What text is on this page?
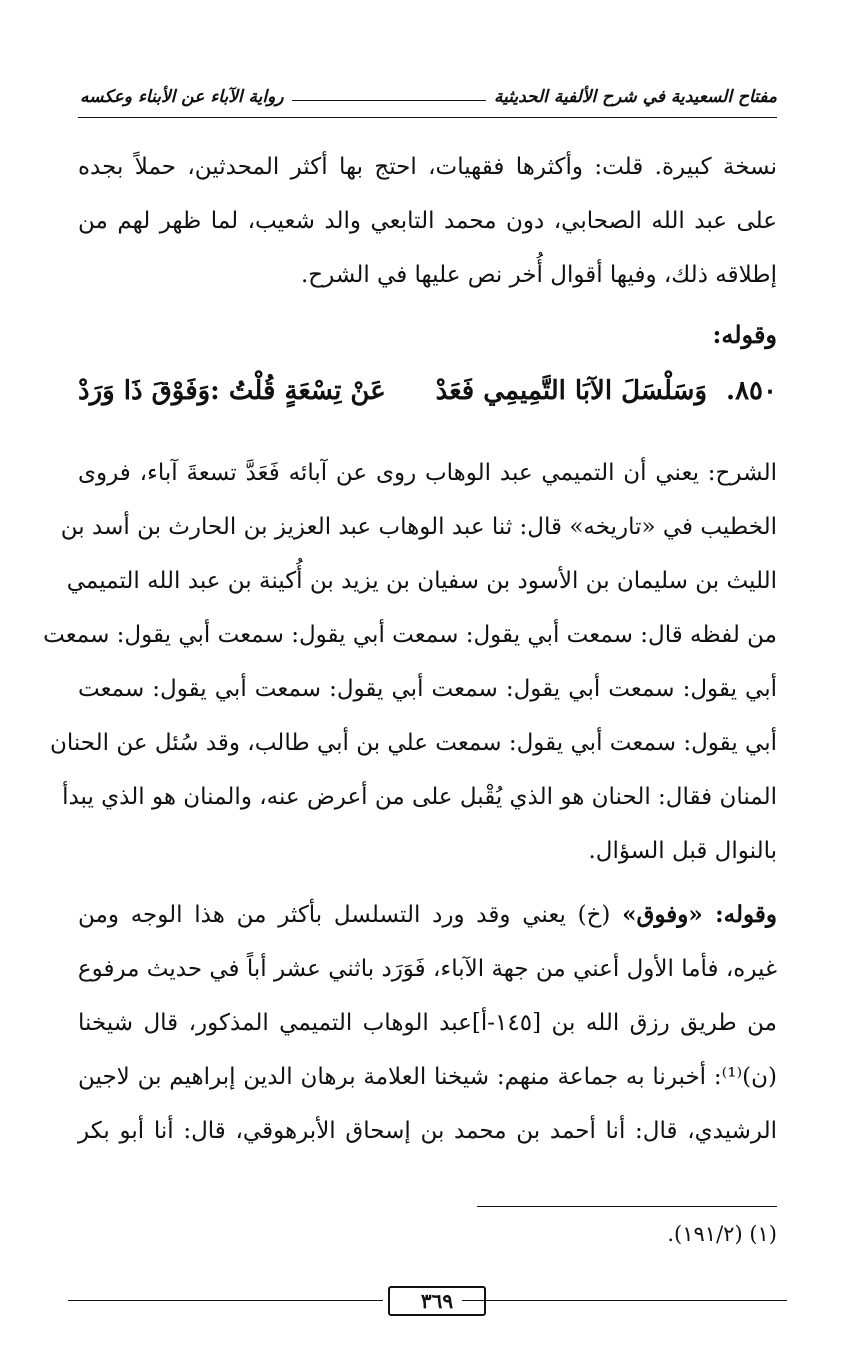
مفتاح السعيدية في شرح الألفية الحديثية
رواية الآباء عن الأبناء وعكسه
نسخة كبيرة. قلت: وأكثرها فقهيات، احتج بها أكثر المحدثين، حملاً بجده
على عبد الله الصحابي، دون محمد التابعي والد شعيب، لما ظهر لهم من
إطلاقه ذلك، وفيها أقوال أُخر نص عليها في الشرح.
وقوله:
٨٥٠.
وَسَلْسَلَ الآبَا التَّمِيمِي فَعَدْ
عَنْ تِسْعَةٍ قُلْتُ :وَفَوْقَ ذَا وَرَدْ
الشرح: يعني أن التميمي عبد الوهاب روى عن آبائه فَعَدَّ تسعةَ آباء، فروى
الخطيب في «تاريخه» قال: ثنا عبد الوهاب عبد العزيز بن الحارث بن أسد بن
الليث بن سليمان بن الأسود بن سفيان بن يزيد بن أُكينة بن عبد الله التميمي
من لفظه قال: سمعت أبي يقول: سمعت أبي يقول: سمعت أبي يقول: سمعت
أبي يقول: سمعت أبي يقول: سمعت أبي يقول: سمعت أبي يقول: سمعت
أبي يقول: سمعت أبي يقول: سمعت علي بن أبي طالب، وقد سُئل عن الحنان
المنان فقال: الحنان هو الذي يُقْبل على من أعرض عنه، والمنان هو الذي يبدأ
بالنوال قبل السؤال.
وقوله: «وفوق» (خ) يعني وقد ورد التسلسل بأكثر من هذا الوجه ومن
غيره، فأما الأول أعني من جهة الآباء، فَوَرَد باثني عشر أباً في حديث مرفوع
من طريق رزق الله بن [١٤٥-أ]عبد الوهاب التميمي المذكور، قال شيخنا
(ن)⁽¹⁾: أخبرنا به جماعة منهم: شيخنا العلامة برهان الدين إبراهيم بن لاجين
الرشيدي، قال: أنا أحمد بن محمد بن إسحاق الأبرهوقي، قال: أنا أبو بكر
(١) (١٩١/٢).
٣٦٩
